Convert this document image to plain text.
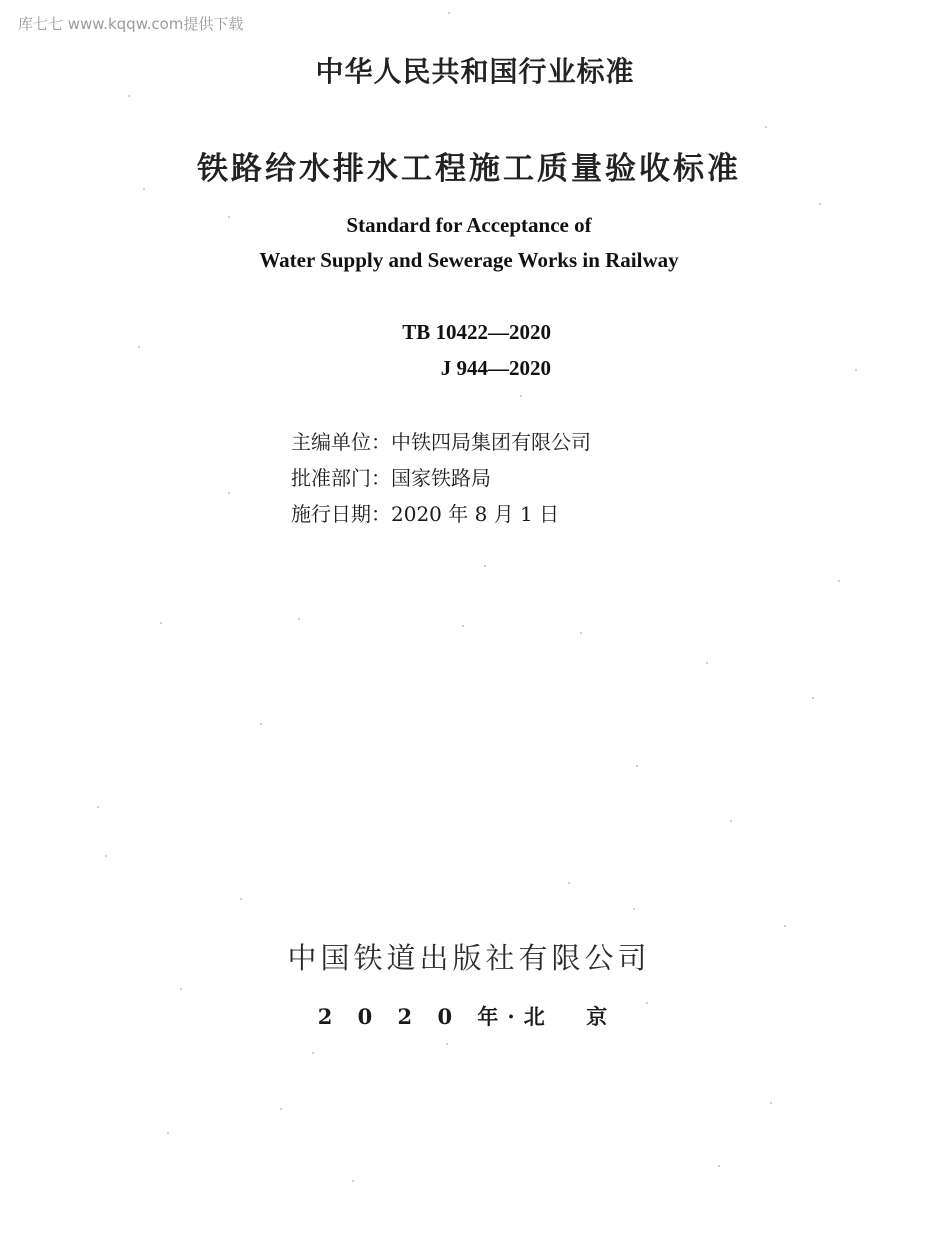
库七七 www.kqqw.com提供下载
中华人民共和国行业标准
铁路给水排水工程施工质量验收标准
Standard for Acceptance of
Water Supply and Sewerage Works in Railway
TB 10422—2020
J 944—2020
主编单位：中铁四局集团有限公司
批准部门：国家铁路局
施行日期：2020 年 8 月 1 日
中国铁道出版社有限公司
2 0 2 0 年·北  京
